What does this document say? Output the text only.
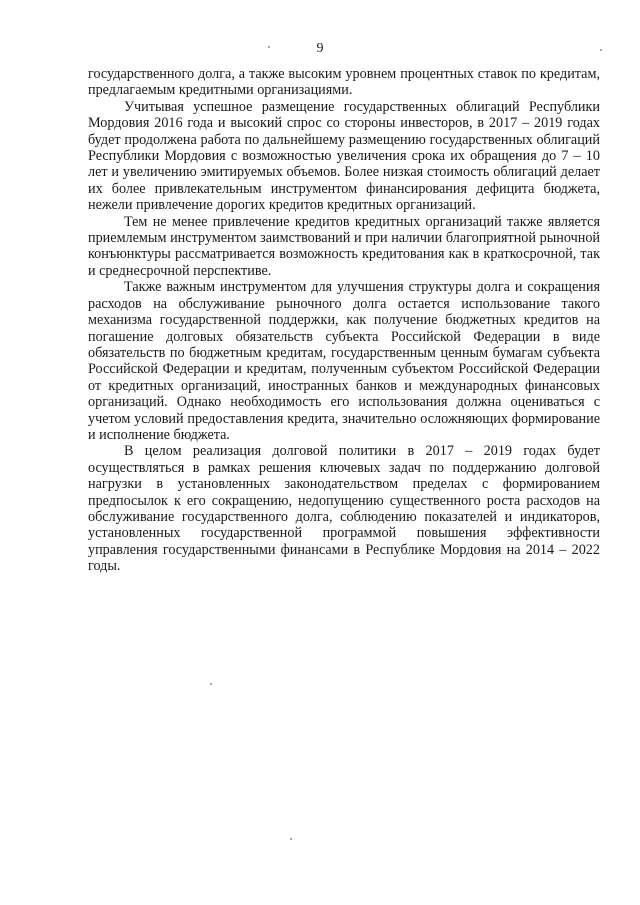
9

государственного долга, а также высоким уровнем процентных ставок по кредитам, предлагаемым кредитными организациями.

Учитывая успешное размещение государственных облигаций Республики Мордовия 2016 года и высокий спрос со стороны инвесторов, в 2017 – 2019 годах будет продолжена работа по дальнейшему размещению государственных облигаций Республики Мордовия с возможностью увеличения срока их обращения до 7 – 10 лет и увеличению эмитируемых объемов. Более низкая стоимость облигаций делает их более привлекательным инструментом финансирования дефицита бюджета, нежели привлечение дорогих кредитов кредитных организаций.

Тем не менее привлечение кредитов кредитных организаций также является приемлемым инструментом заимствований и при наличии благоприятной рыночной конъюнктуры рассматривается возможность кредитования как в краткосрочной, так и среднесрочной перспективе.

Также важным инструментом для улучшения структуры долга и сокращения расходов на обслуживание рыночного долга остается использование такого механизма государственной поддержки, как получение бюджетных кредитов на погашение долговых обязательств субъекта Российской Федерации в виде обязательств по бюджетным кредитам, государственным ценным бумагам субъекта Российской Федерации и кредитам, полученным субъектом Российской Федерации от кредитных организаций, иностранных банков и международных финансовых организаций. Однако необходимость его использования должна оцениваться с учетом условий предоставления кредита, значительно осложняющих формирование и исполнение бюджета.

В целом реализация долговой политики в 2017 – 2019 годах будет осуществляться в рамках решения ключевых задач по поддержанию долговой нагрузки в установленных законодательством пределах с формированием предпосылок к его сокращению, недопущению существенного роста расходов на обслуживание государственного долга, соблюдению показателей и индикаторов, установленных государственной программой повышения эффективности управления государственными финансами в Республике Мордовия на 2014 – 2022 годы.
